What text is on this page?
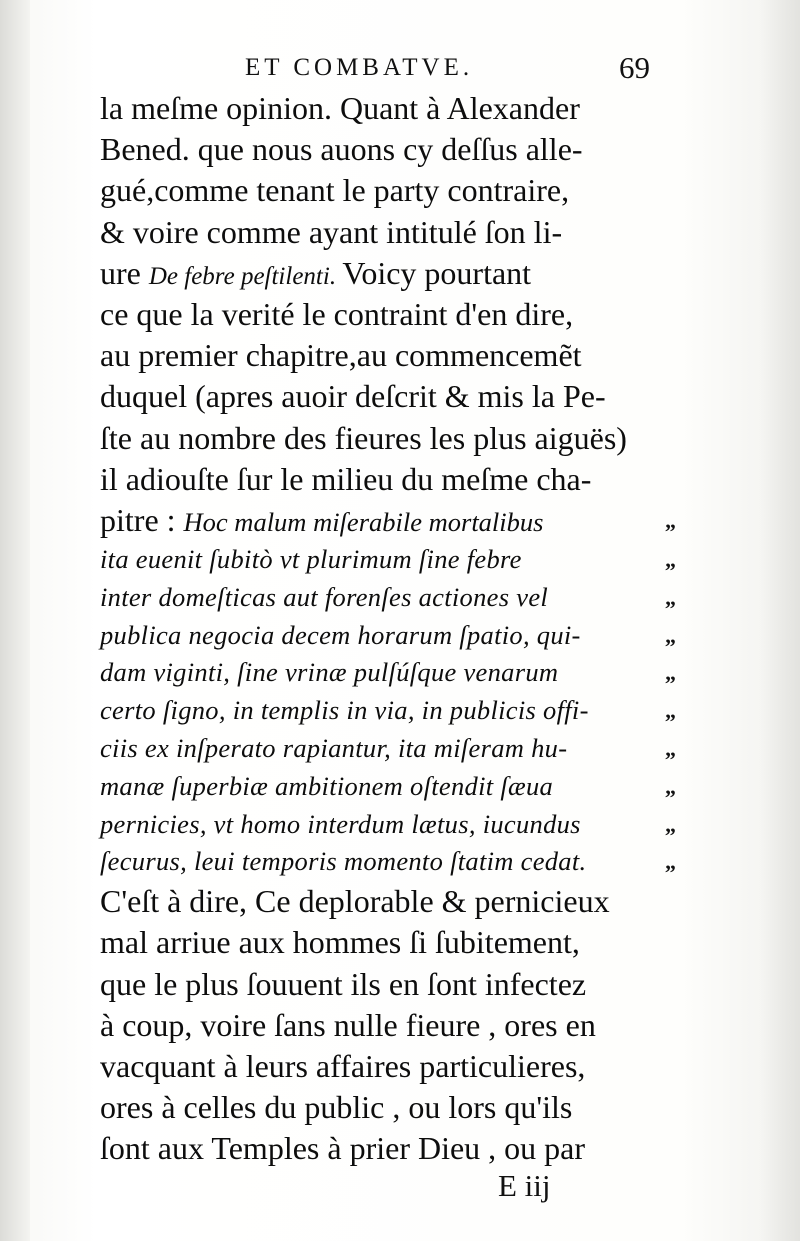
ET COMBATVE.	69
la meſme opinion. Quant à Alexander
Bened. que nous auons cy deſſus alle-
gué,comme tenant le party contraire,
& voire comme ayant intitulé ſon li-
ure De febre peſtilenti. Voicy pourtant
ce que la verité le contraint d'en dire,
au premier chapitre,au commencemẽt
duquel (apres auoir deſcrit & mis la Pe-
ſte au nombre des fieures les plus aiguës)
il adiouſte ſur le milieu du meſme cha-
pitre : Hoc malum miſerabile mortalibus	„
ita euenit ſubitò vt plurimum ſine febre	„
inter domeſticas aut forenſes actiones vel	„
publica negocia decem horarum ſpatio, qui-	„
dam viginti, ſine vrinæ pulſúſque venarum	„
certo ſigno, in templis in via, in publicis offi-	„
ciis ex inſperato rapiantur, ita miſeram hu-	„
manæ ſuperbiæ ambitionem oſtendit ſæua	„
pernicies, vt homo interdum lætus, iucundus	„
ſecurus, leui temporis momento ſtatim cedat.	„
C'eſt à dire, Ce deplorable & pernicieux
mal arriue aux hommes ſi ſubitement,
que le plus ſouuent ils en ſont infectez
à coup, voire ſans nulle fieure , ores en
vacquant à leurs affaires particulieres,
ores à celles du public , ou lors qu'ils
ſont aux Temples à prier Dieu , ou par
E iij
